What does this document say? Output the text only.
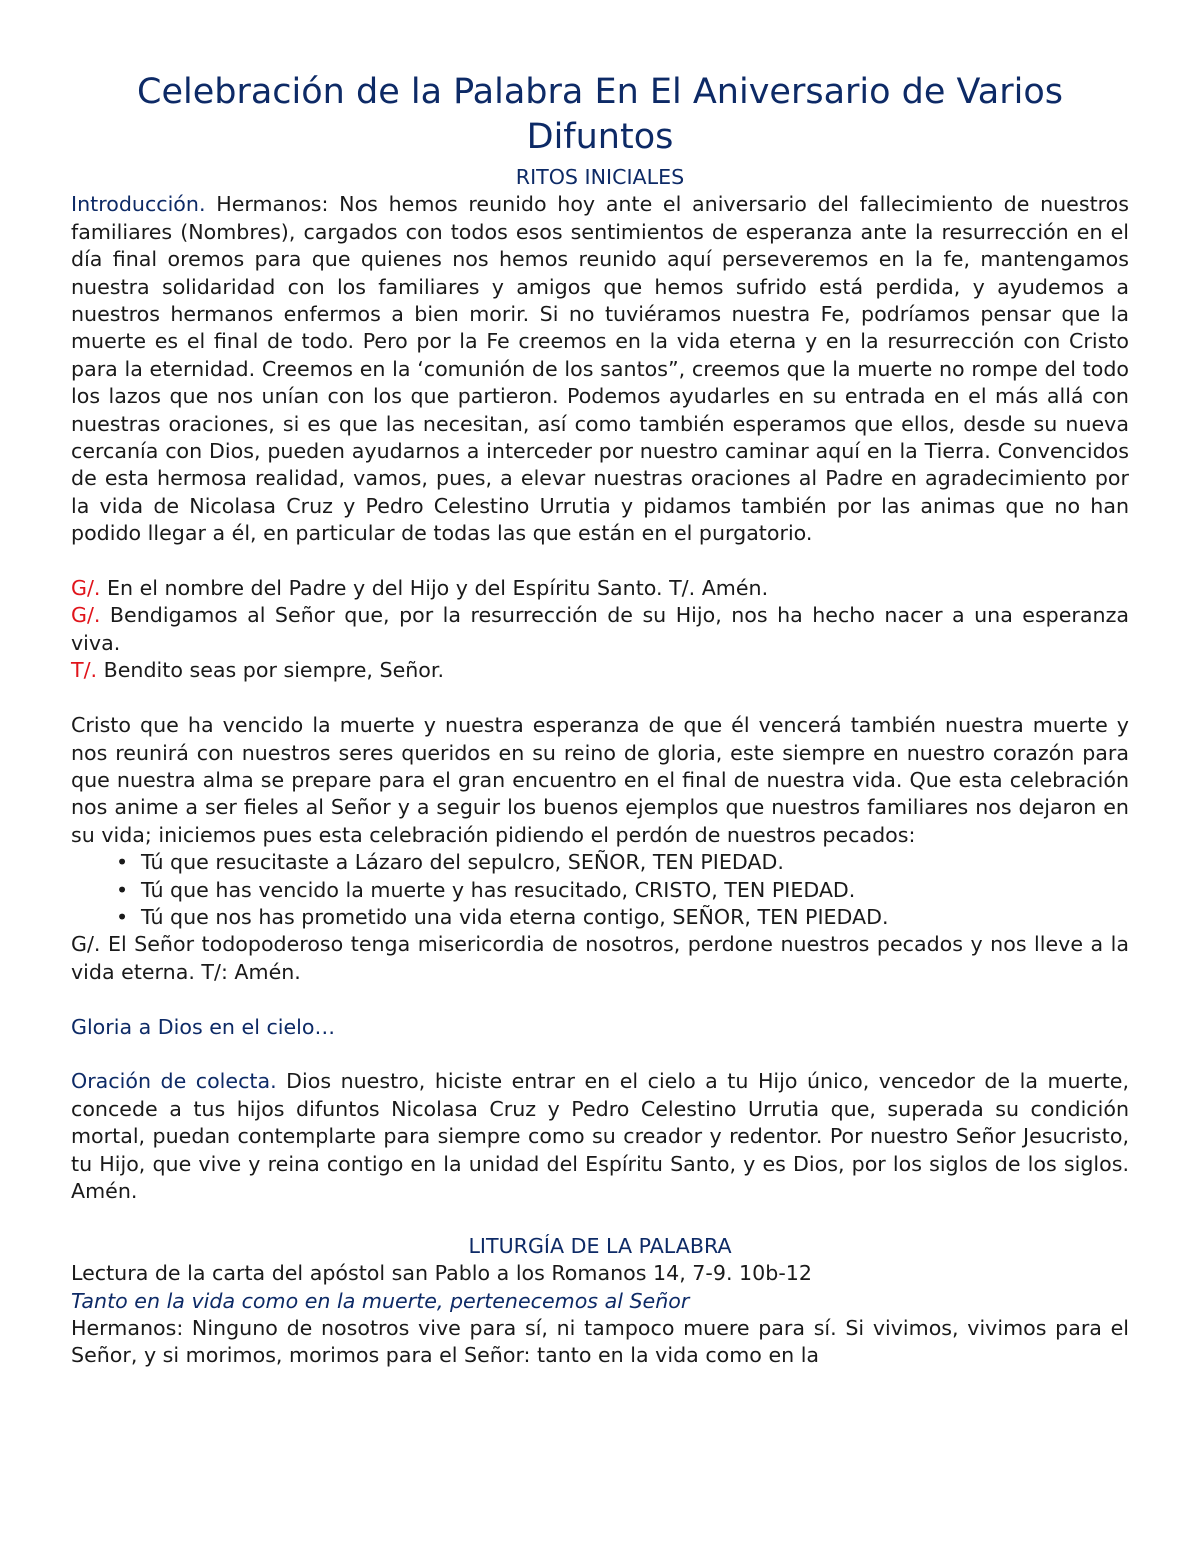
Celebración de la Palabra En El Aniversario de Varios Difuntos

RITOS INICIALES

Introducción. Hermanos: Nos hemos reunido hoy ante el aniversario del fallecimiento de nuestros familiares (Nombres), cargados con todos esos sentimientos de esperanza ante la resurrección en el día final oremos para que quienes nos hemos reunido aquí perseveremos en la fe, mantengamos nuestra solidaridad con los familiares y amigos que hemos sufrido está perdida, y ayudemos a nuestros hermanos enfermos a bien morir. Si no tuviéramos nuestra Fe, podríamos pensar que la muerte es el final de todo. Pero por la Fe creemos en la vida eterna y en la resurrección con Cristo para la eternidad. Creemos en la ‘comunión de los santos”, creemos que la muerte no rompe del todo los lazos que nos unían con los que partieron. Podemos ayudarles en su entrada en el más allá con nuestras oraciones, si es que las necesitan, así como también esperamos que ellos, desde su nueva cercanía con Dios, pueden ayudarnos a interceder por nuestro caminar aquí en la Tierra. Convencidos de esta hermosa realidad, vamos, pues, a elevar nuestras oraciones al Padre en agradecimiento por la vida de Nicolasa Cruz y Pedro Celestino Urrutia y pidamos también por las animas que no han podido llegar a él, en particular de todas las que están en el purgatorio.

G/. En el nombre del Padre y del Hijo y del Espíritu Santo. T/. Amén.

G/. Bendigamos al Señor que, por la resurrección de su Hijo, nos ha hecho nacer a una esperanza viva.

T/. Bendito seas por siempre, Señor.

Cristo que ha vencido la muerte y nuestra esperanza de que él vencerá también nuestra muerte y nos reunirá con nuestros seres queridos en su reino de gloria, este siempre en nuestro corazón para que nuestra alma se prepare para el gran encuentro en el final de nuestra vida. Que esta celebración nos anime a ser fieles al Señor y a seguir los buenos ejemplos que nuestros familiares nos dejaron en su vida; iniciemos pues esta celebración pidiendo el perdón de nuestros pecados:

• Tú que resucitaste a Lázaro del sepulcro, SEÑOR, TEN PIEDAD.
• Tú que has vencido la muerte y has resucitado, CRISTO, TEN PIEDAD.
• Tú que nos has prometido una vida eterna contigo, SEÑOR, TEN PIEDAD.

G/. El Señor todopoderoso tenga misericordia de nosotros, perdone nuestros pecados y nos lleve a la vida eterna. T/: Amén.

Gloria a Dios en el cielo…

Oración de colecta. Dios nuestro, hiciste entrar en el cielo a tu Hijo único, vencedor de la muerte, concede a tus hijos difuntos Nicolasa Cruz y Pedro Celestino Urrutia que, superada su condición mortal, puedan contemplarte para siempre como su creador y redentor. Por nuestro Señor Jesucristo, tu Hijo, que vive y reina contigo en la unidad del Espíritu Santo, y es Dios, por los siglos de los siglos. Amén.

LITURGÍA DE LA PALABRA

Lectura de la carta del apóstol san Pablo a los Romanos 14, 7-9. 10b-12

Tanto en la vida como en la muerte, pertenecemos al Señor

Hermanos: Ninguno de nosotros vive para sí, ni tampoco muere para sí. Si vivimos, vivimos para el Señor, y si morimos, morimos para el Señor: tanto en la vida como en la
